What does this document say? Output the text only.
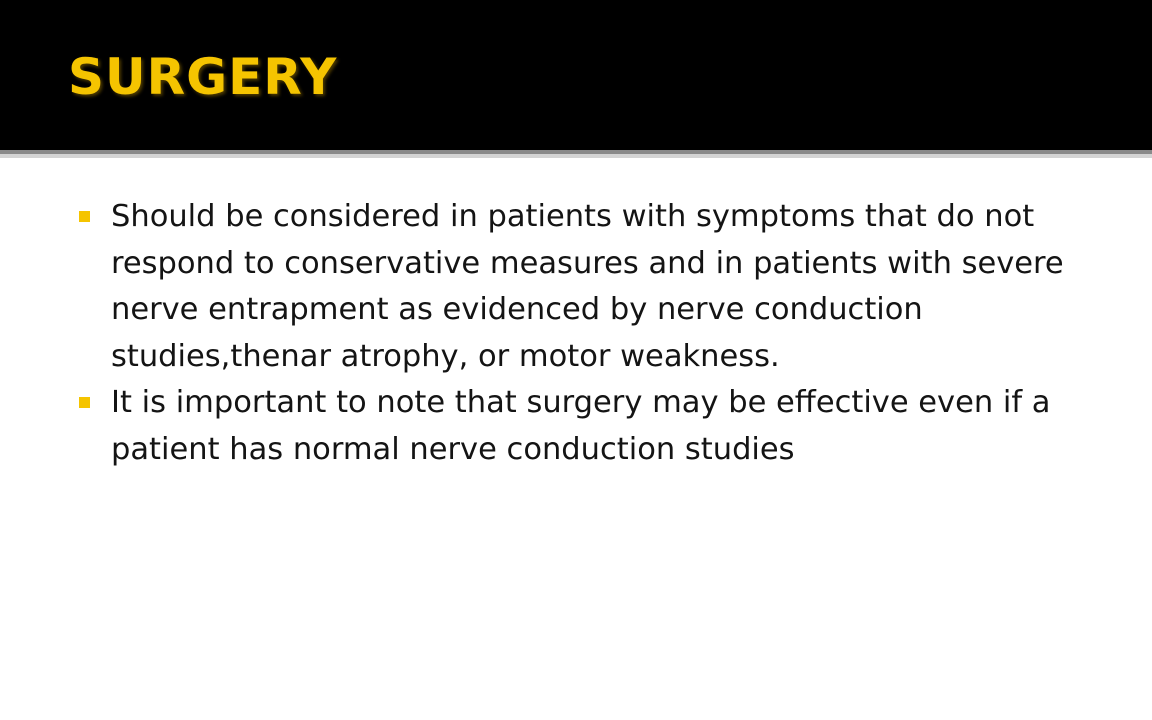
SURGERY
Should be considered in patients with symptoms that do not respond to conservative measures and in patients with severe nerve entrapment as evidenced by nerve conduction studies,thenar atrophy, or motor weakness.
It is important to note that surgery may be effective even if a patient has normal nerve conduction studies
